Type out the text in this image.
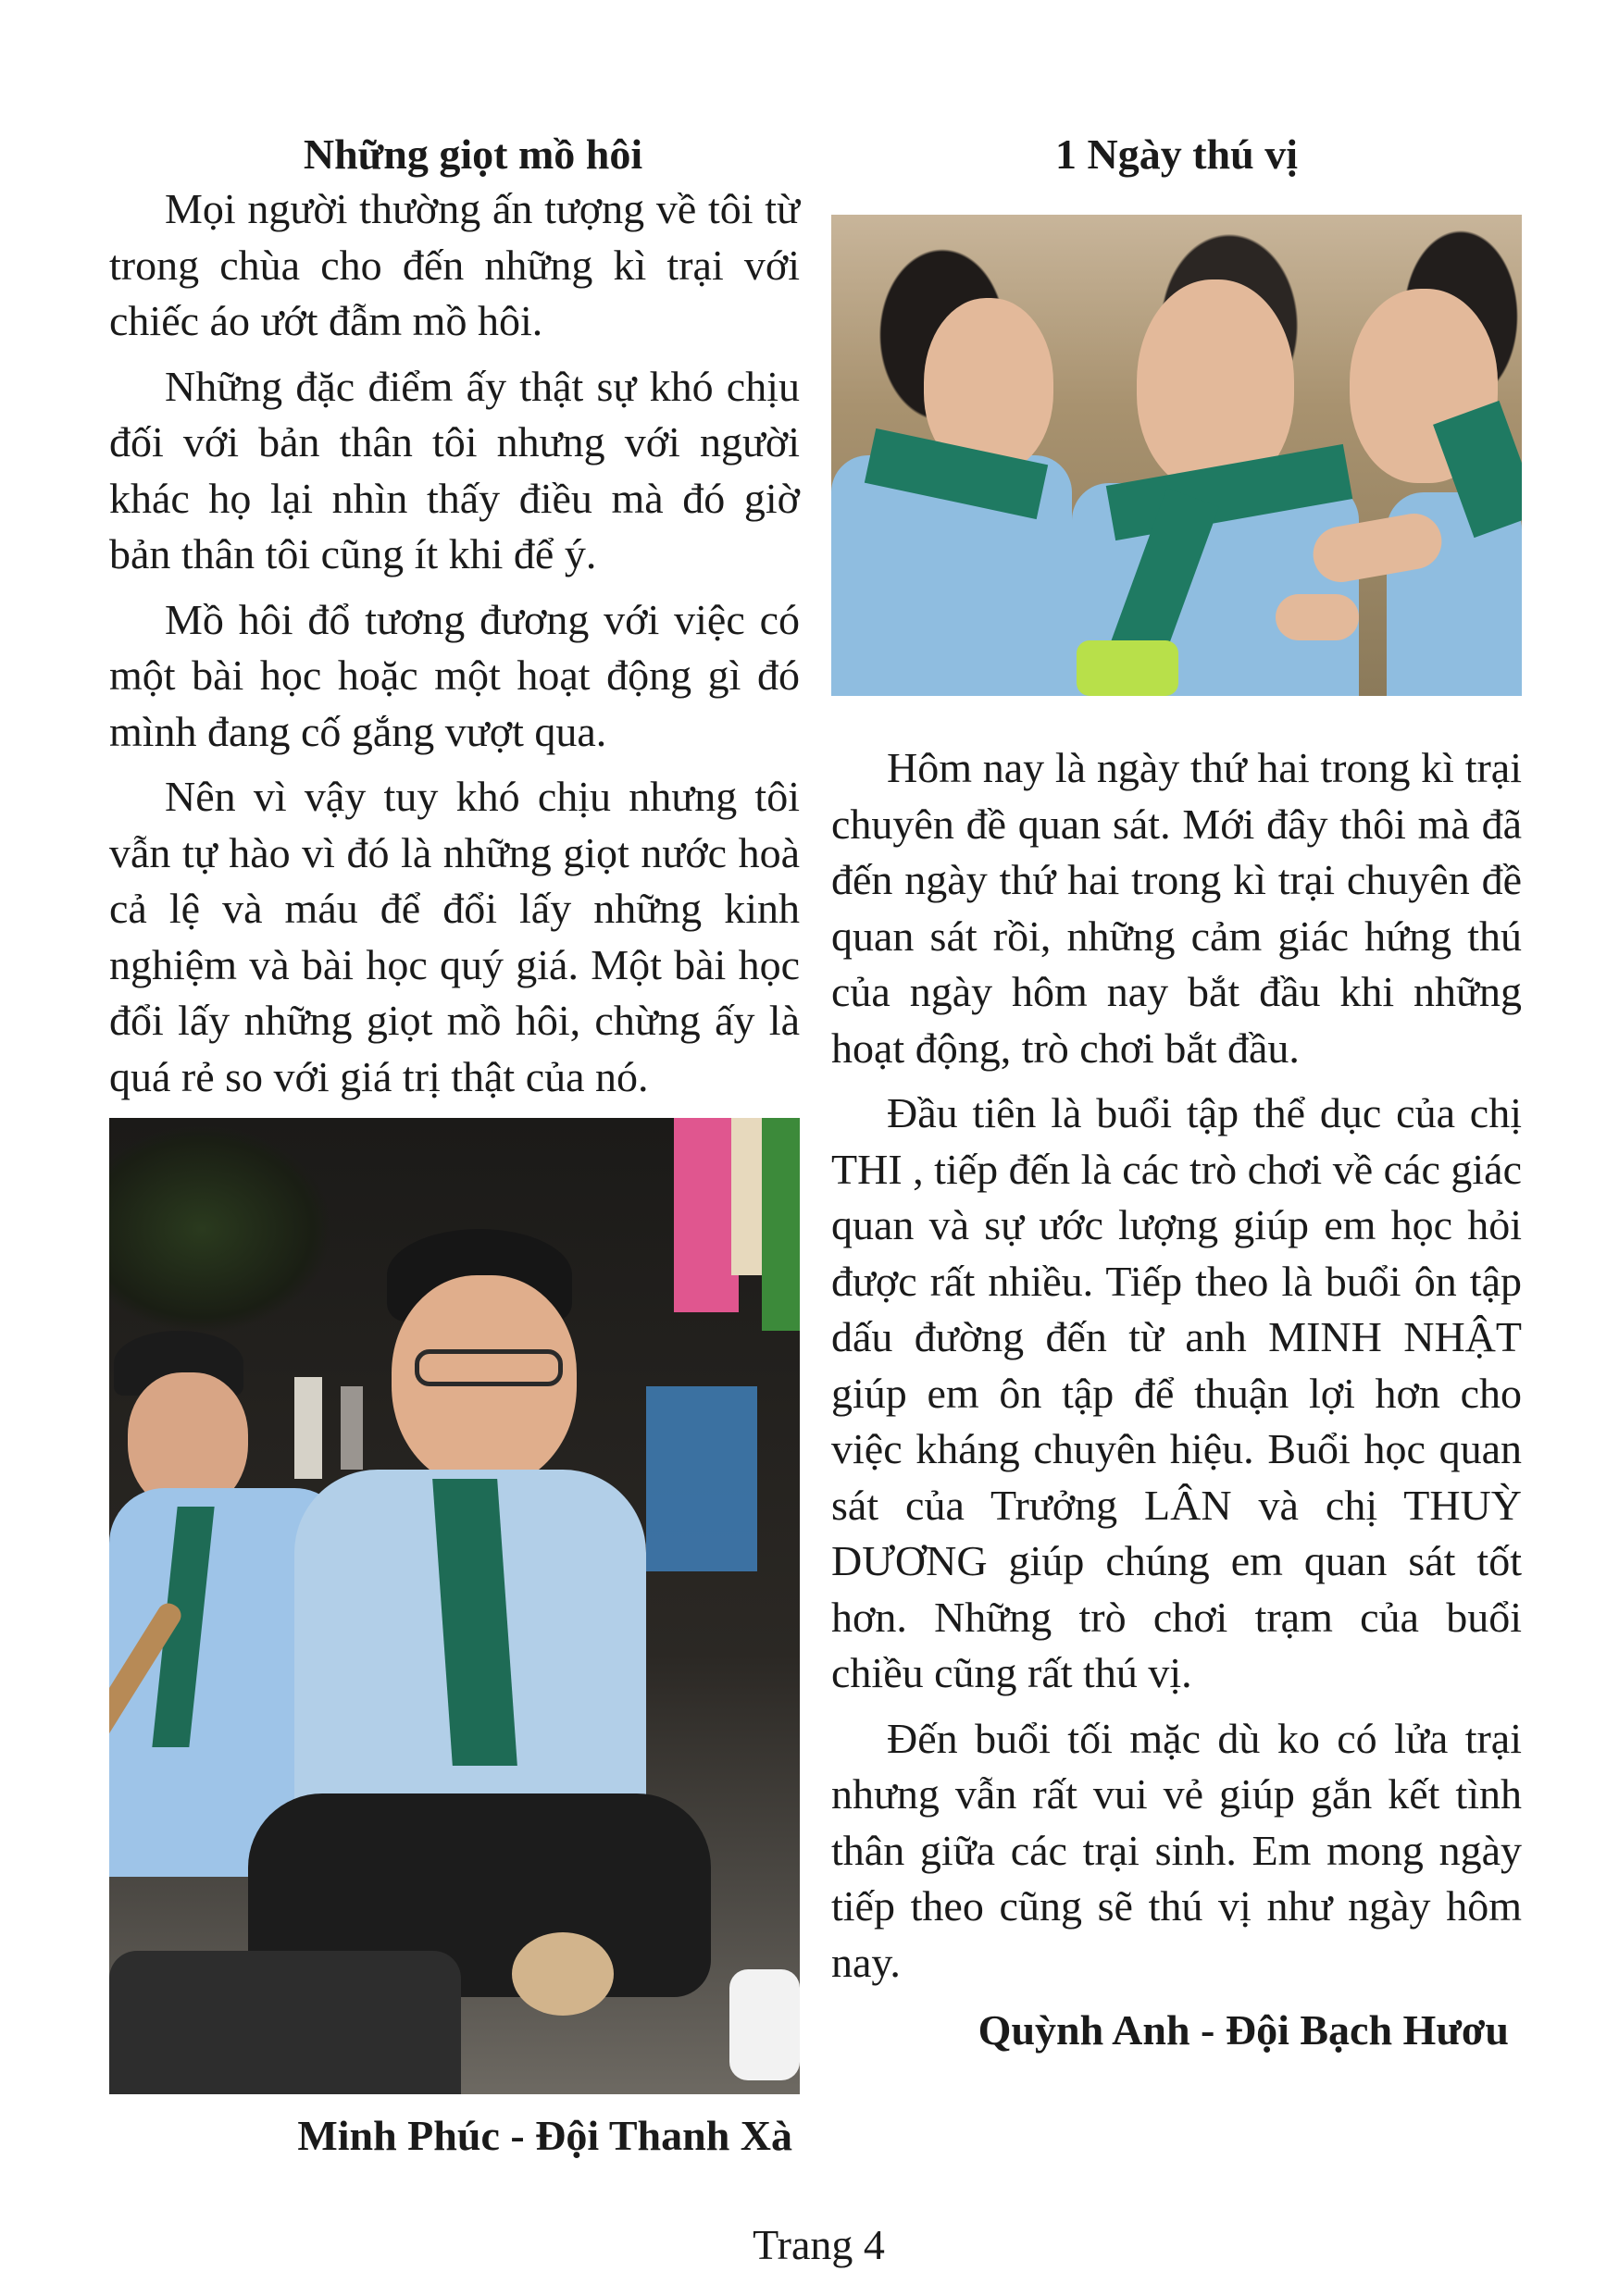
Những giọt mồ hôi

Mọi người thường ấn tượng về tôi từ trong chùa cho đến những kì trại với chiếc áo ướt đẫm mồ hôi.

Những đặc điểm ấy thật sự khó chịu đối với bản thân tôi nhưng với người khác họ lại nhìn thấy điều mà đó giờ bản thân tôi cũng ít khi để ý.

Mồ hôi đổ tương đương với việc có một bài học hoặc một hoạt động gì đó mình đang cố gắng vượt qua.

Nên vì vậy tuy khó chịu nhưng tôi vẫn tự hào vì đó là những giọt nước hoà cả lệ và máu để đổi lấy những kinh nghiệm và bài học quý giá. Một bài học đổi lấy những giọt mồ hôi, chừng ấy là quá rẻ so với giá trị thật của nó.

Minh Phúc - Đội Thanh Xà

1 Ngày thú vị

Hôm nay là ngày thứ hai trong kì trại chuyên đề quan sát. Mới đây thôi mà đã đến ngày thứ hai trong kì trại chuyên đề quan sát rồi, những cảm giác hứng thú của ngày hôm nay bắt đầu khi những hoạt động, trò chơi bắt đầu.

Đầu tiên là buổi tập thể dục của chị THI , tiếp đến là các trò chơi về các giác quan và sự ước lượng giúp em học hỏi được rất nhiều. Tiếp theo là buổi ôn tập dấu đường đến từ anh MINH NHẬT giúp em ôn tập để thuận lợi hơn cho việc kháng chuyên hiệu. Buổi học quan sát của Trưởng LÂN và chị THUỲ DƯƠNG giúp chúng em quan sát tốt hơn. Những trò chơi trạm của buổi chiều cũng rất thú vị.

Đến buổi tối mặc dù ko có lửa trại nhưng vẫn rất vui vẻ giúp gắn kết tình thân giữa các trại sinh. Em mong ngày tiếp theo cũng sẽ thú vị như ngày hôm nay.

Quỳnh Anh - Đội Bạch Hươu

Trang 4
